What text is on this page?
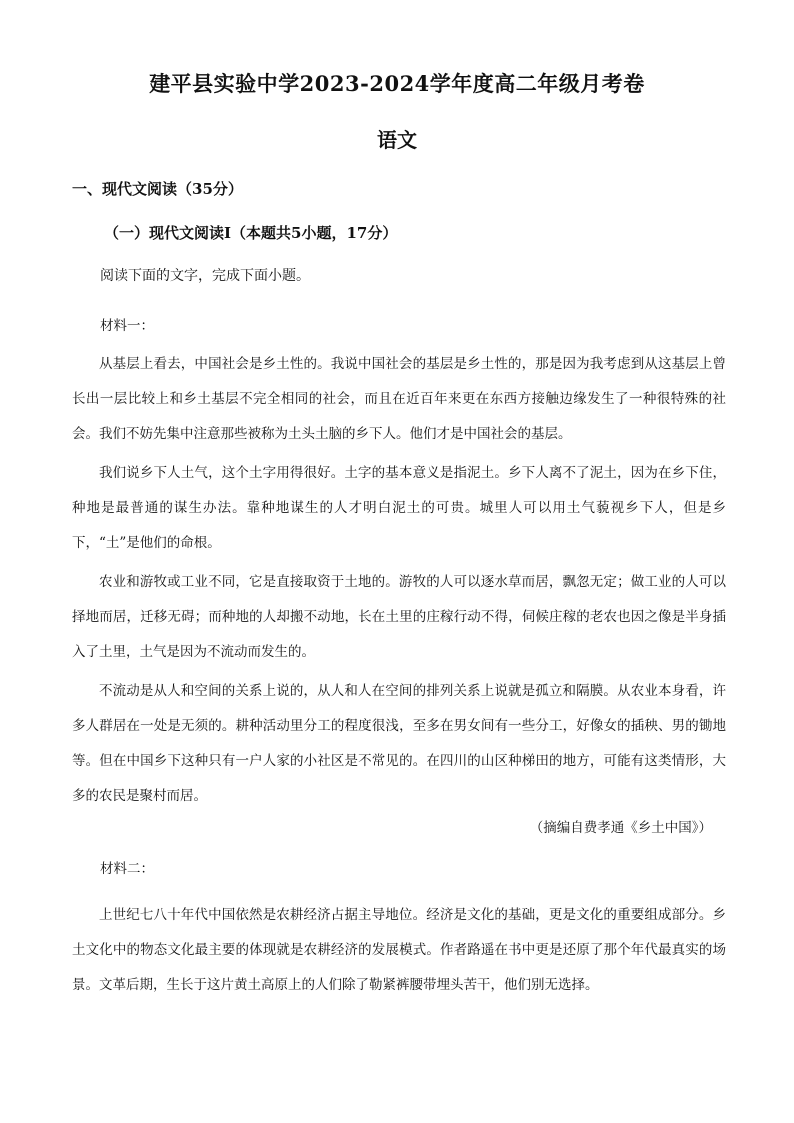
建平县实验中学2023-2024学年度高二年级月考卷
语文
一、现代文阅读（35分）
（一）现代文阅读Ⅰ（本题共5小题，17分）
阅读下面的文字，完成下面小题。
材料一：

从基层上看去，中国社会是乡土性的。我说中国社会的基层是乡土性的，那是因为我考虑到从这基层上曾长出一层比较上和乡土基层不完全相同的社会，而且在近百年来更在东西方接触边缘发生了一种很特殊的社会。我们不妨先集中注意那些被称为土头土脑的乡下人。他们才是中国社会的基层。

我们说乡下人土气，这个土字用得很好。土字的基本意义是指泥土。乡下人离不了泥土，因为在乡下住，种地是最普通的谋生办法。靠种地谋生的人才明白泥土的可贵。城里人可以用土气藐视乡下人，但是乡下，“土”是他们的命根。

农业和游牧或工业不同，它是直接取资于土地的。游牧的人可以逐水草而居，飘忽无定；做工业的人可以择地而居，迁移无碍；而种地的人却搬不动地，长在土里的庄稼行动不得，伺候庄稼的老农也因之像是半身插入了土里，土气是因为不流动而发生的。

不流动是从人和空间的关系上说的，从人和人在空间的排列关系上说就是孤立和隔膜。从农业本身看，许多人群居在一处是无须的。耕种活动里分工的程度很浅，至多在男女间有一些分工，好像女的插秧、男的锄地等。但在中国乡下这种只有一户人家的小社区是不常见的。在四川的山区种梯田的地方，可能有这类情形，大多的农民是聚村而居。

（摘编自费孝通《乡土中国》）
材料二：

上世纪七八十年代中国依然是农耕经济占据主导地位。经济是文化的基础，更是文化的重要组成部分。乡土文化中的物态文化最主要的体现就是农耕经济的发展模式。作者路遥在书中更是还原了那个年代最真实的场景。文革后期，生长于这片黄土高原上的人们除了勒紧裤腰带埋头苦干，他们别无选择。
